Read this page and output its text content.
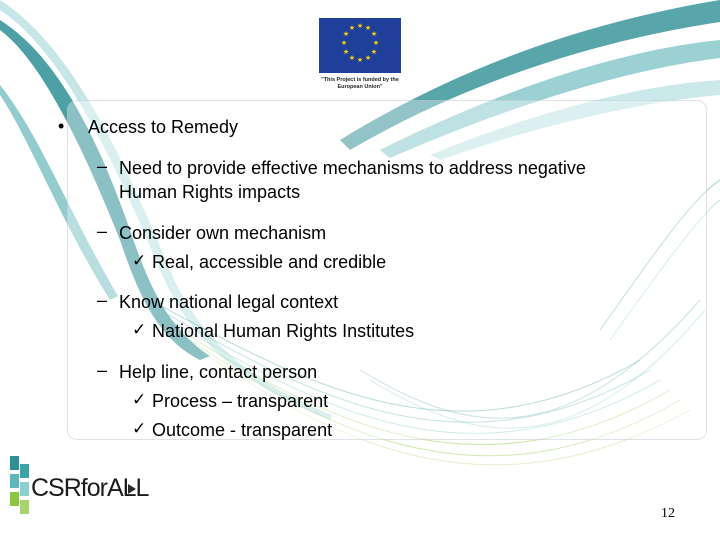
★ ★
★
★
★
★
★
★
★
★
★
★
"This Project is funded by the
European Union"
• Access to Remedy
– Need to provide effective mechanisms to address negative
Human Rights impacts
– Consider own mechanism
✓ Real, accessible and credible
– Know national legal context
✓ National Human Rights Institutes
– Help line, contact person
✓ Process – transparent
✓ Outcome - transparent
CSRforALL
12
